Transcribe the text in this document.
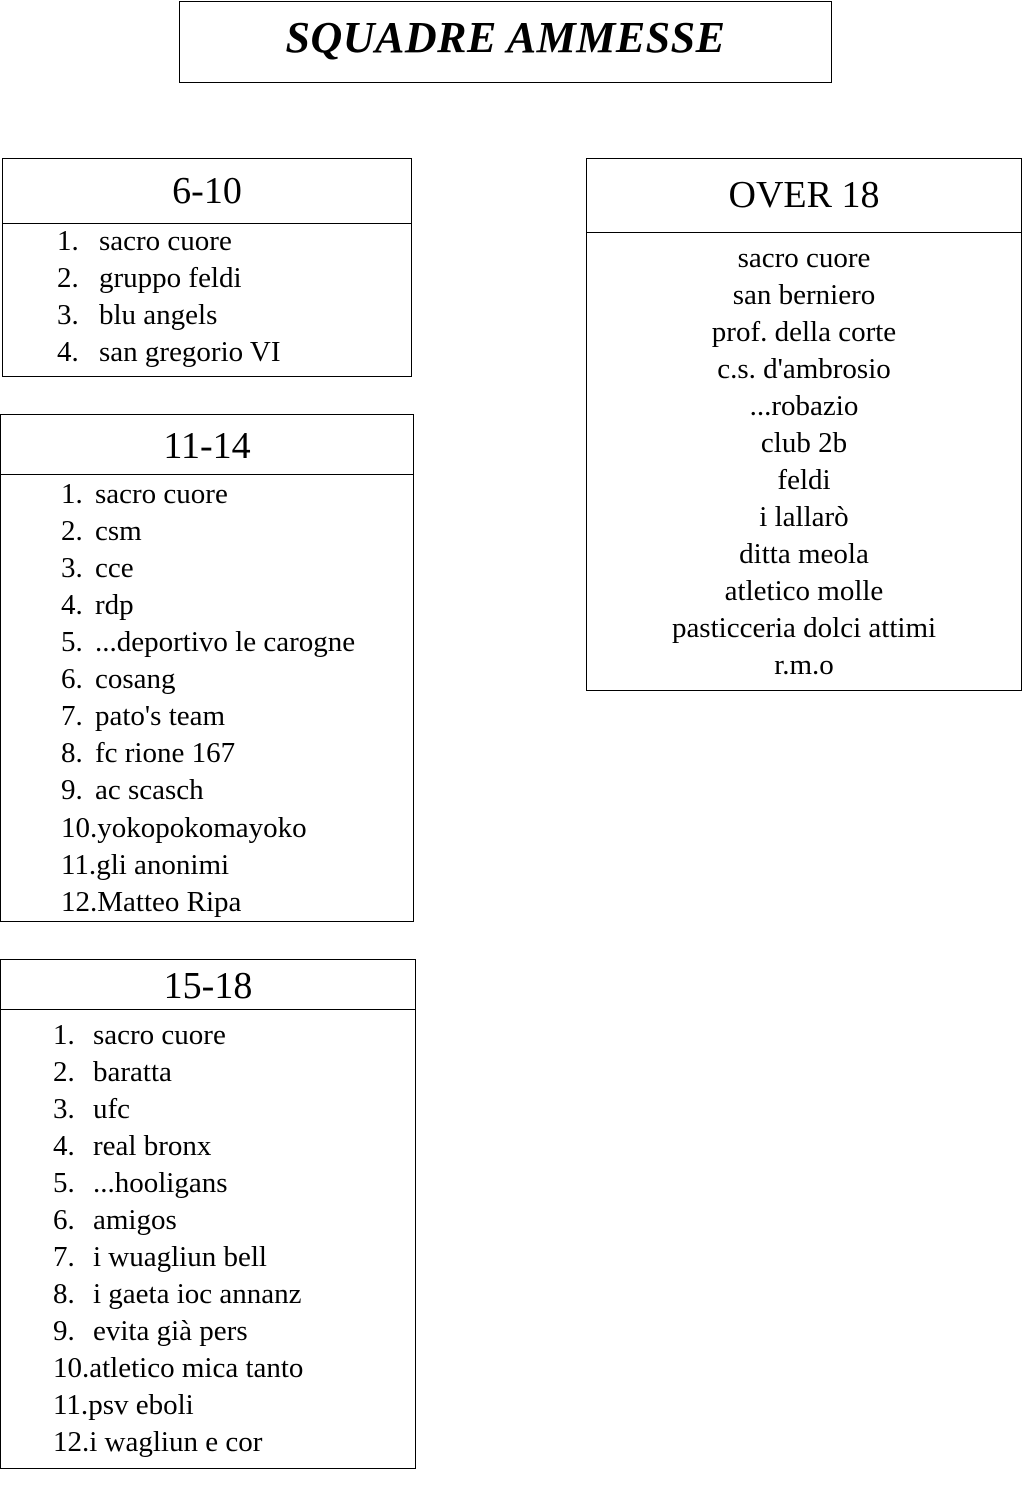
SQUADRE AMMESSE
6-10
1. sacro cuore
2. gruppo feldi
3. blu angels
4. san gregorio VI
11-14
1. sacro cuore
2. csm
3. cce
4. rdp
5. ...deportivo le carogne
6. cosang
7. pato's team
8. fc rione 167
9. ac scasch
10.yokopokomayoko
11.gli anonimi
12.Matteo Ripa
15-18
1. sacro cuore
2. baratta
3. ufc
4. real bronx
5. ...hooligans
6. amigos
7. i wuagliun bell
8. i gaeta ioc annanz
9. evita già pers
10.atletico mica tanto
11.psv eboli
12.i wagliun e cor
OVER 18
sacro cuore
san berniero
prof. della corte
c.s. d'ambrosio
...robazio
club 2b
feldi
i lallarò
ditta meola
atletico molle
pasticceria dolci attimi
r.m.o
